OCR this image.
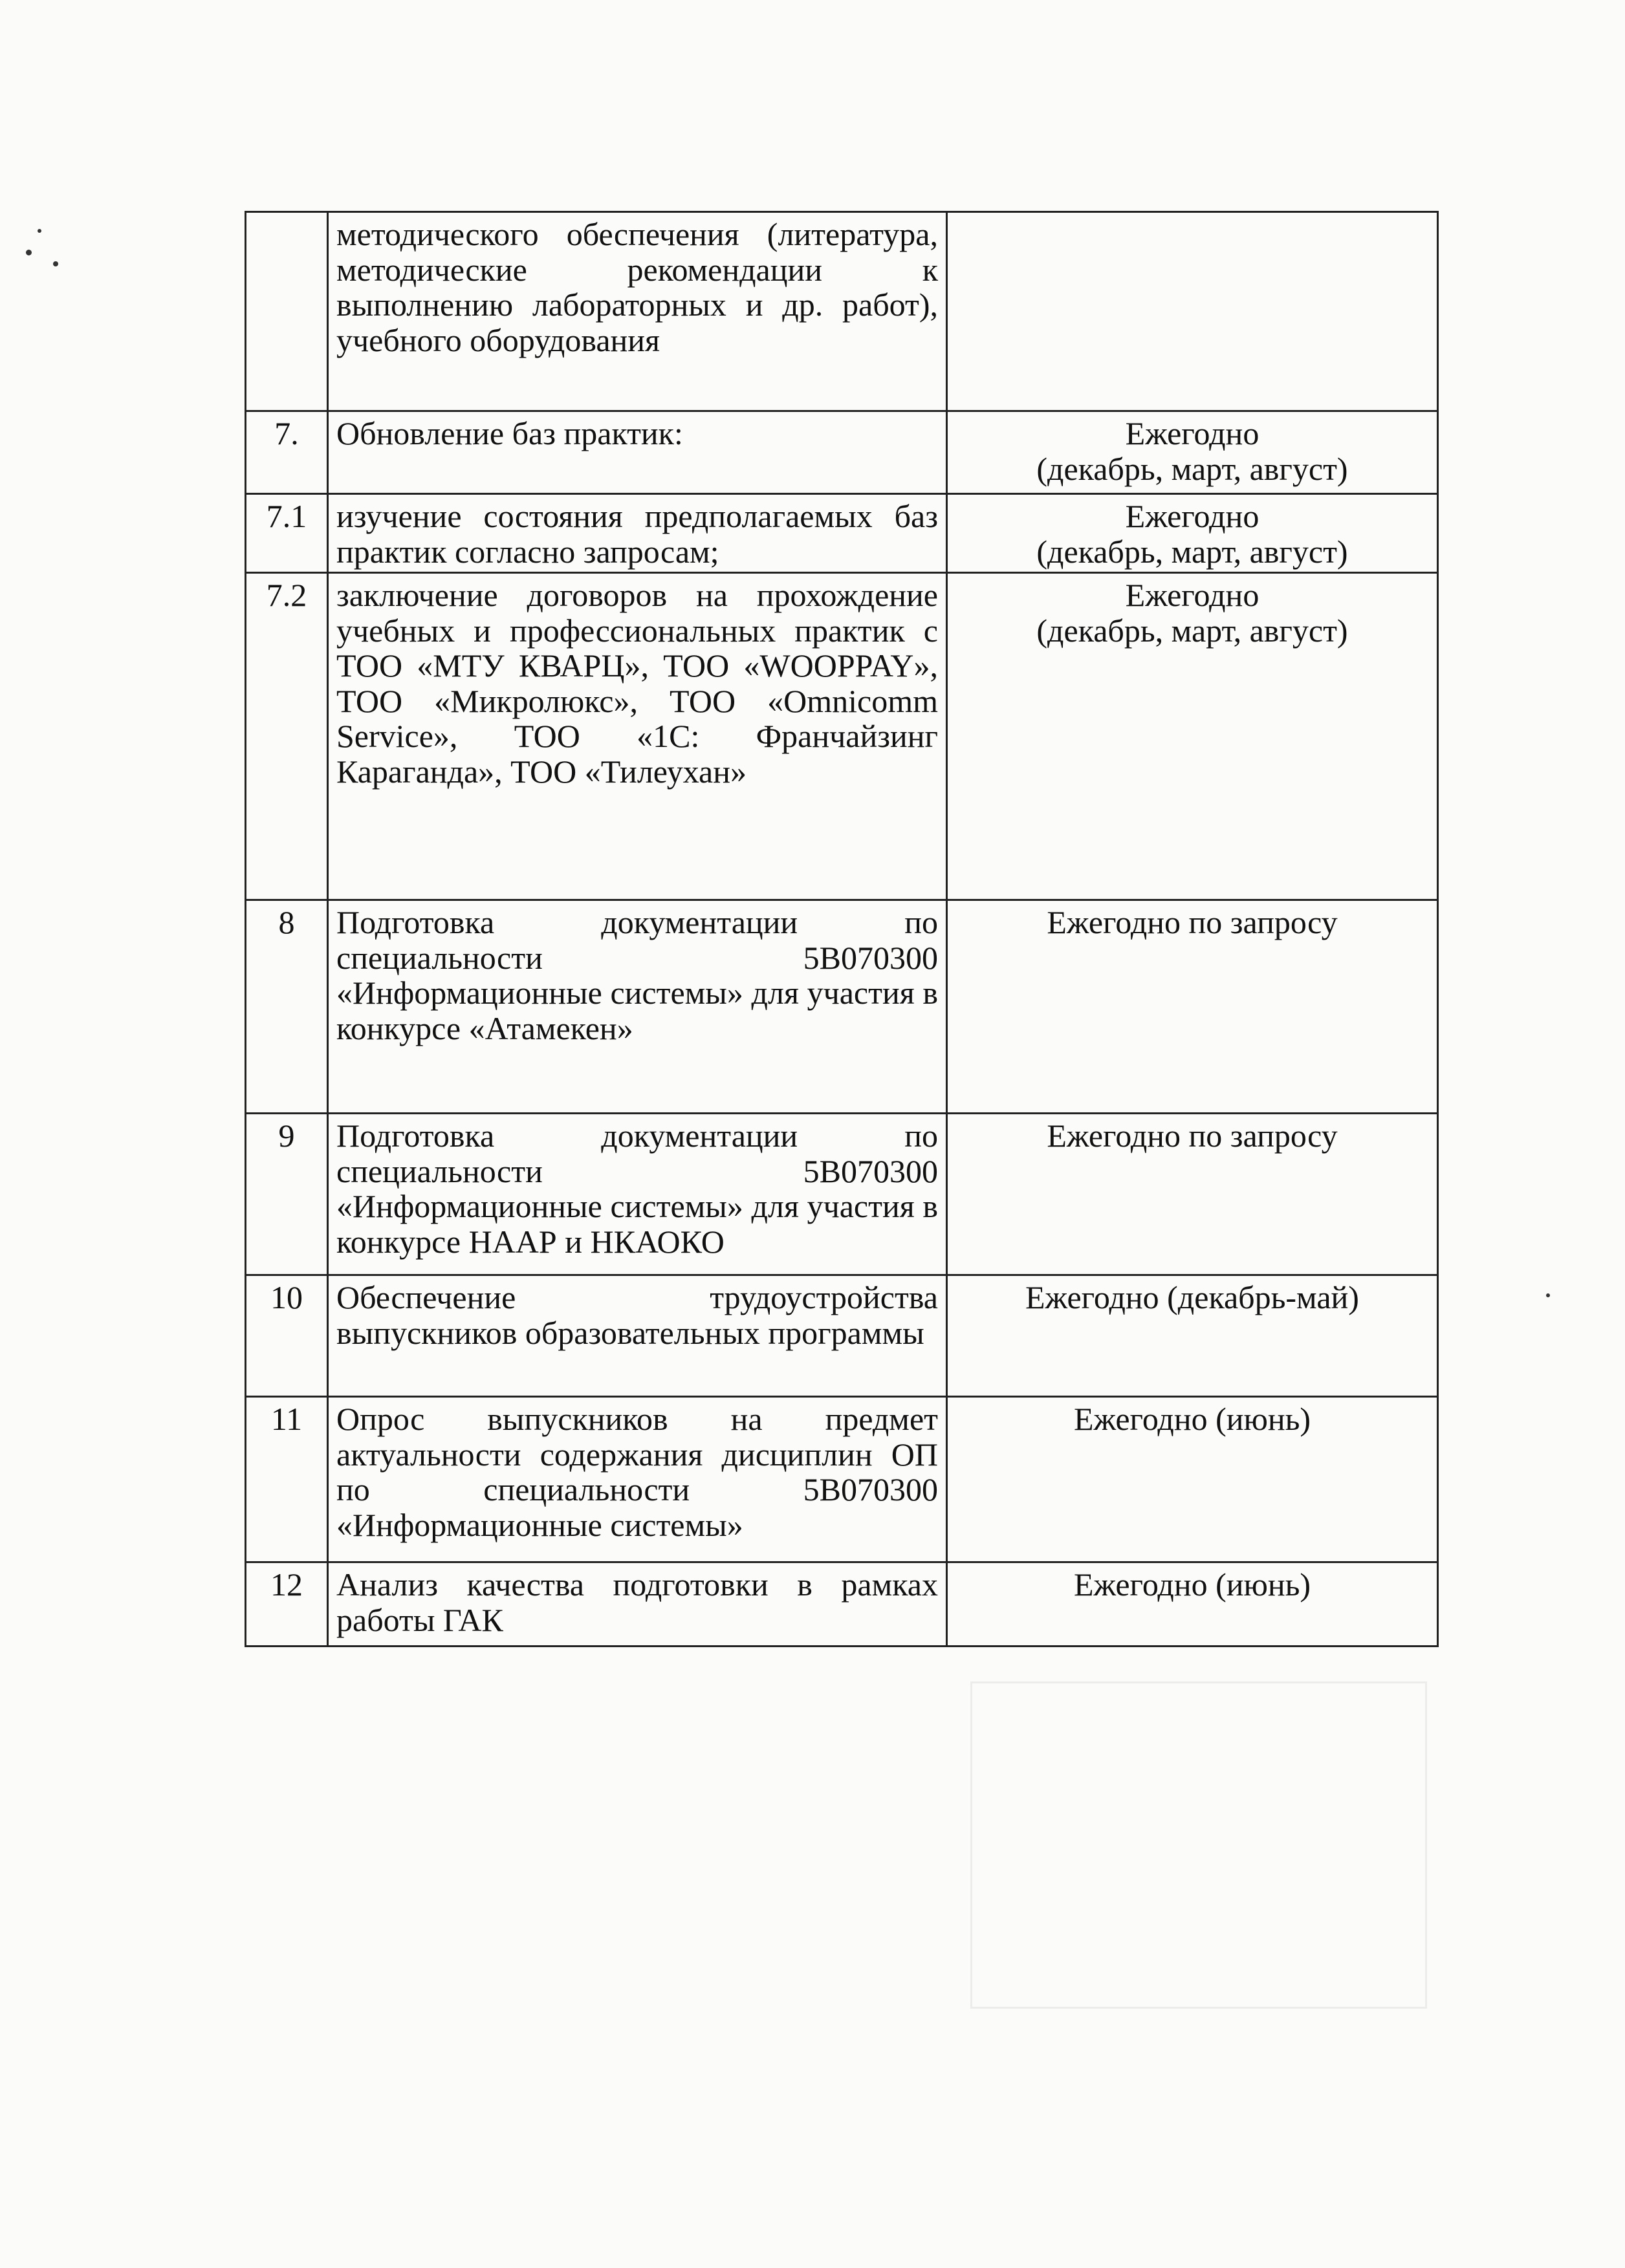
	методического обеспечения (литература, методические рекомендации к выполнению лабораторных и др. работ), учебного оборудования	
7.	Обновление баз практик:	Ежегодно
(декабрь, март, август)
7.1	изучение состояния предполагаемых баз практик согласно запросам;	Ежегодно
(декабрь, март, август)
7.2	заключение договоров на прохождение учебных и профессиональных практик с ТОО «МТУ КВАРЦ», ТОО «WOOPPAY», ТОО «Микролюкс», ТОО «Omnicomm Service», ТОО «1С: Франчайзинг Караганда», ТОО «Тилеухан»	Ежегодно
(декабрь, март, август)
8	Подготовка документации по специальности 5В070300 «Информационные системы» для участия в конкурсе «Атамекен»	Ежегодно по запросу
9	Подготовка документации по специальности 5В070300 «Информационные системы» для участия в конкурсе НААР и НКАОКО	Ежегодно по запросу
10	Обеспечение трудоустройства выпускников образовательных программы	Ежегодно (декабрь-май)
11	Опрос выпускников на предмет актуальности содержания дисциплин ОП по специальности 5В070300 «Информационные системы»	Ежегодно (июнь)
12	Анализ качества подготовки в рамках работы ГАК	Ежегодно (июнь)
